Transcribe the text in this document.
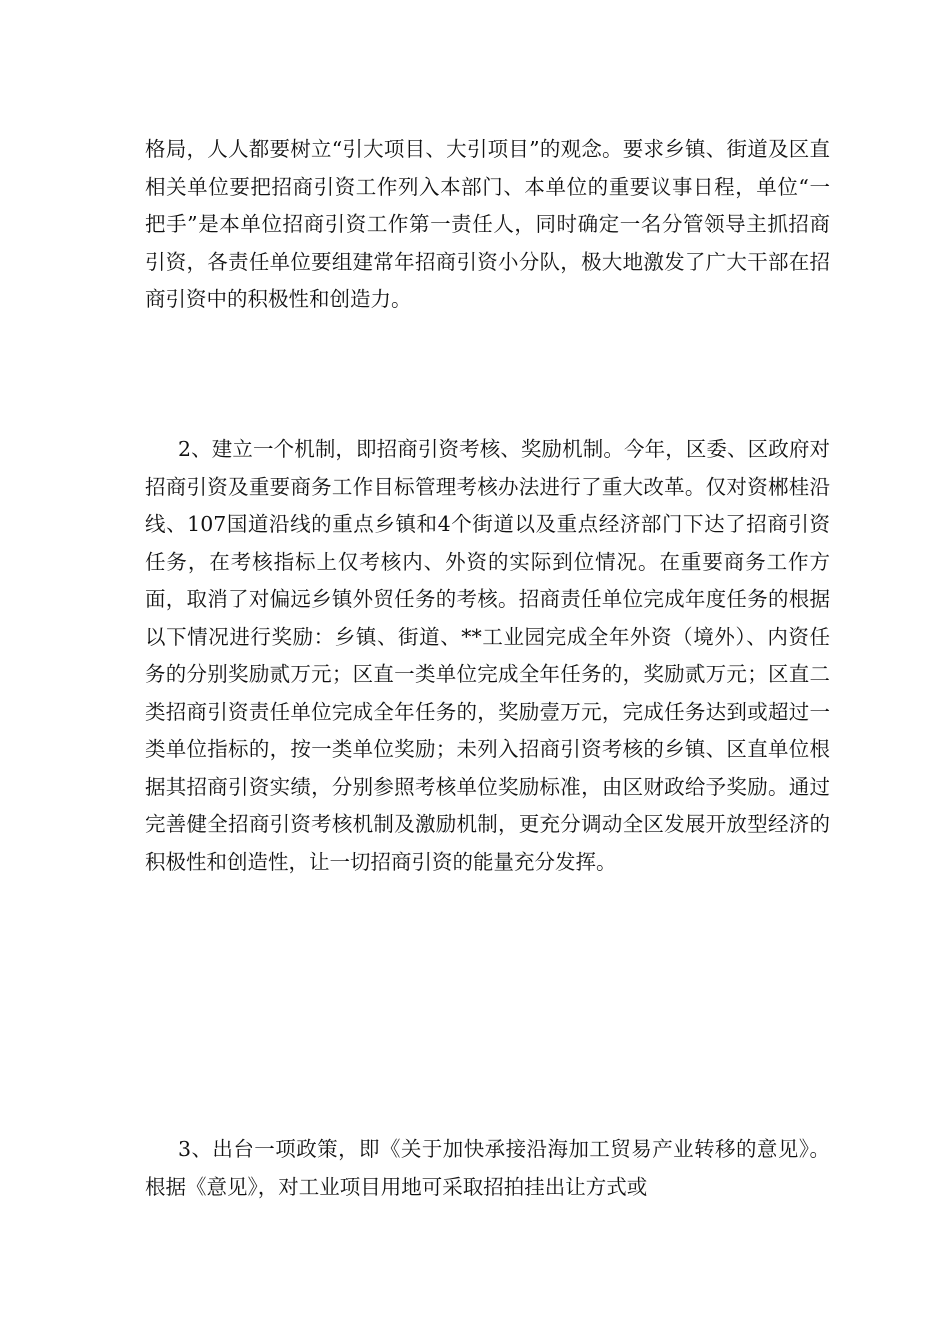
格局，人人都要树立“引大项目、大引项目”的观念。要求乡镇、街道及区直相关单位要把招商引资工作列入本部门、本单位的重要议事日程，单位“一把手”是本单位招商引资工作第一责任人，同时确定一名分管领导主抓招商引资，各责任单位要组建常年招商引资小分队，极大地激发了广大干部在招商引资中的积极性和创造力。

2、建立一个机制，即招商引资考核、奖励机制。今年，区委、区政府对招商引资及重要商务工作目标管理考核办法进行了重大改革。仅对资郴桂沿线、107国道沿线的重点乡镇和4个街道以及重点经济部门下达了招商引资任务，在考核指标上仅考核内、外资的实际到位情况。在重要商务工作方面，取消了对偏远乡镇外贸任务的考核。招商责任单位完成年度任务的根据以下情况进行奖励：乡镇、街道、**工业园完成全年外资（境外）、内资任务的分别奖励贰万元；区直一类单位完成全年任务的，奖励贰万元；区直二类招商引资责任单位完成全年任务的，奖励壹万元，完成任务达到或超过一类单位指标的，按一类单位奖励；未列入招商引资考核的乡镇、区直单位根据其招商引资实绩，分别参照考核单位奖励标准，由区财政给予奖励。通过完善健全招商引资考核机制及激励机制，更充分调动全区发展开放型经济的积极性和创造性，让一切招商引资的能量充分发挥。

3、出台一项政策，即《关于加快承接沿海加工贸易产业转移的意见》。根据《意见》，对工业项目用地可采取招拍挂出让方式或
